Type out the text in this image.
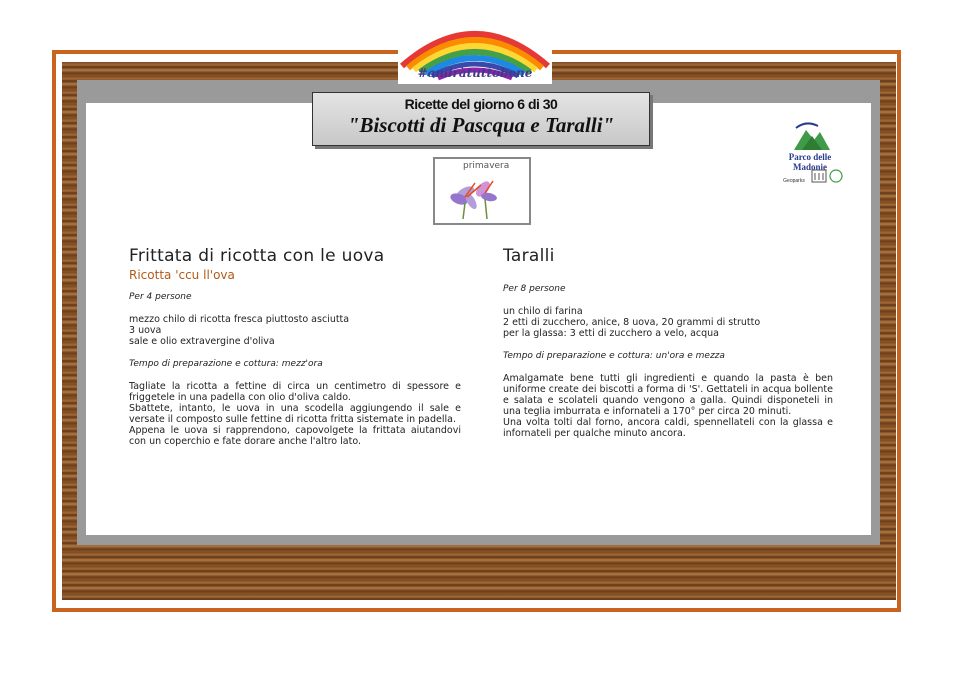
#andràtuttobene
Ricette del giorno 6 di 30
"Biscotti di Pascqua e Taralli"
primavera
Parco delle Madonie
Geoparks
Frittata di ricotta con le uova
Ricotta 'ccu ll'ova

Per 4 persone

mezzo chilo di ricotta fresca piuttosto asciutta

3 uova

sale e olio extravergine d'oliva

Tempo di preparazione e cottura: mezz'ora

Tagliate la ricotta a fettine di circa un centimetro di spessore e friggetele in una padella con olio d'oliva caldo.

Sbattete, intanto, le uova in una scodella aggiungendo il sale e versate il composto sulle fettine di ricotta fritta sistemate in padella.

Appena le uova si rapprendono, capovolgete la frittata aiutandovi con un coperchio e fate dorare anche l'altro lato.

Taralli

Per 8 persone

un chilo di farina

2 etti di zucchero, anice, 8 uova, 20 grammi di strutto

per la glassa: 3 etti di zucchero a velo, acqua

Tempo di preparazione e cottura: un'ora e mezza

Amalgamate bene tutti gli ingredienti e quando la pasta è ben uniforme create dei biscotti a forma di 'S'. Gettateli in acqua bollente e salata e scolateli quando vengono a galla. Quindi disponeteli in una teglia imburrata e infornateli a 170° per circa 20 minuti.

Una volta tolti dal forno, ancora caldi, spennellateli con la glassa e infornateli per qualche minuto ancora.
